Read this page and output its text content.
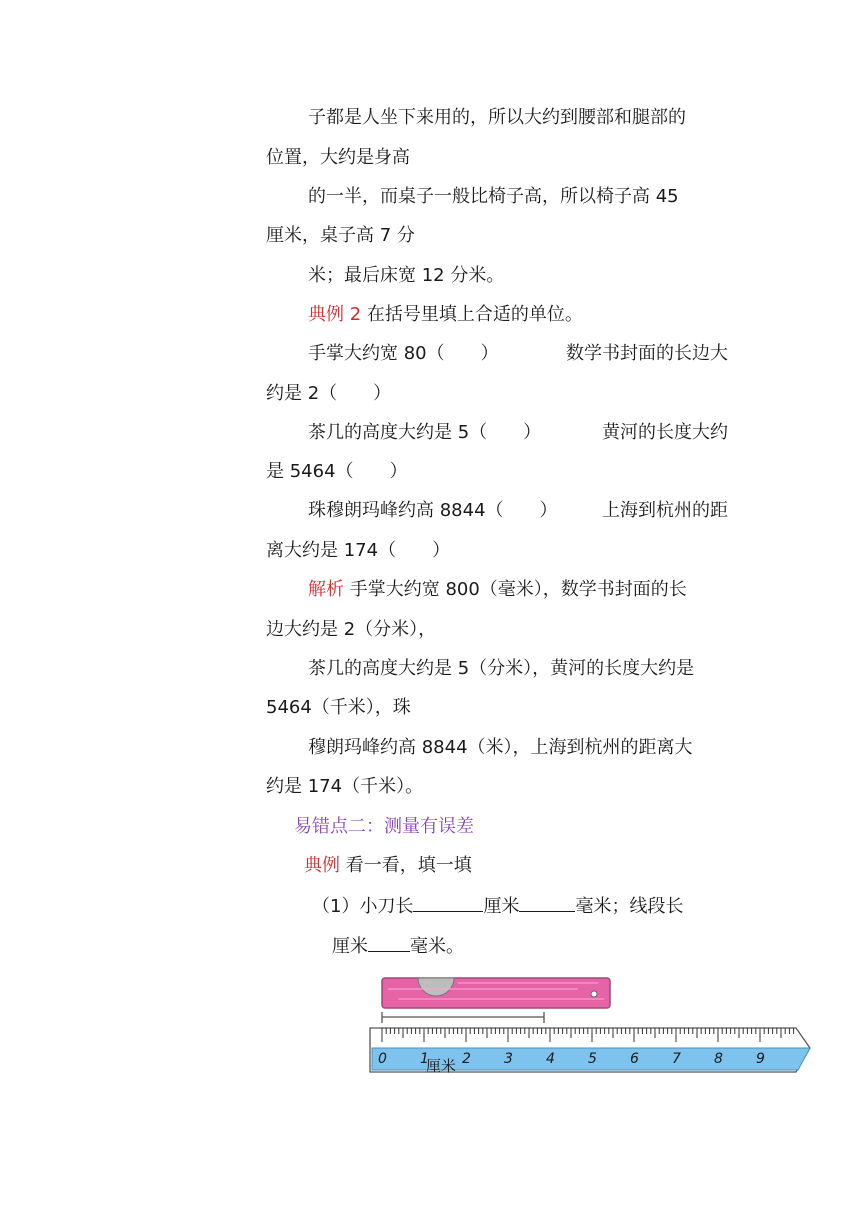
子都是人坐下来用的，所以大约到腰部和腿部的
位置，大约是身高
的一半，而桌子一般比椅子高，所以椅子高 45
厘米，桌子高 7 分
米；最后床宽 12 分米。
典例 2 在括号里填上合适的单位。
手掌大约宽 80（　　）	数学书封面的长边大
约是 2（　　）
茶几的高度大约是 5（　　）	黄河的长度大约
是 5464（　　）
珠穆朗玛峰约高 8844（　　） 上海到杭州的距
离大约是 174（　　）
解析 手掌大约宽 800（毫米），数学书封面的长
边大约是 2（分米），
茶几的高度大约是 5（分米），黄河的长度大约是
5464（千米），珠
穆朗玛峰约高 8844（米），上海到杭州的距离大
约是 174（千米）。
易错点二：测量有误差
典例 看一看，填一填
（1）小刀长	厘米	毫米；线段长
厘米 毫米。
0 1 2 3 4 5 6 7 8 9
厘米
